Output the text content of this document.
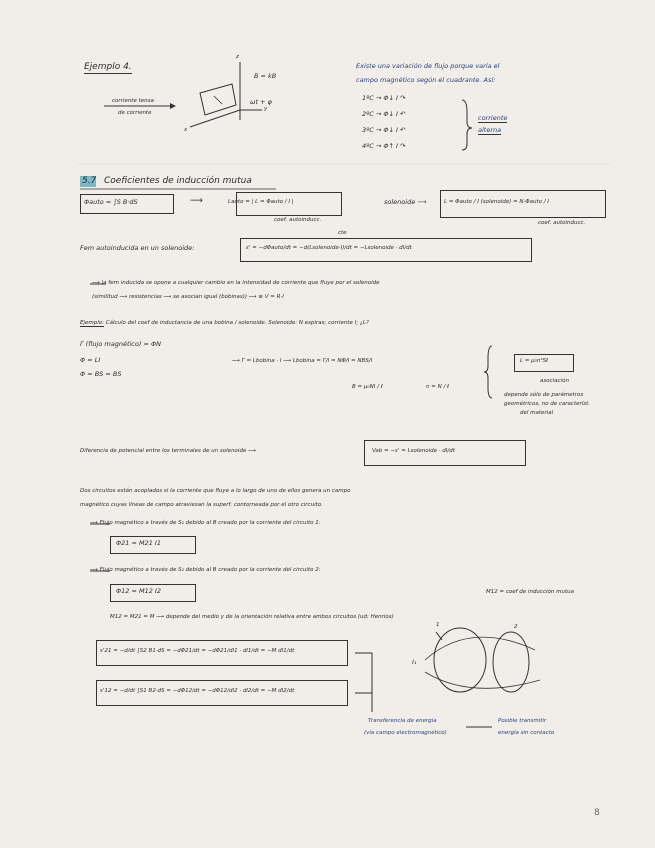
Ejemplo 4.
corriente tensa
de corriente
B = kB
ωt + φ
x
y
z
Existe una variación de flujo porque varía el
campo magnético según el cuadrante. Así:
1ºC → Φ↓ I ↷
2ºC → Φ↓ I ↶
3ºC → Φ↓ I ↶
4ºC → Φ↑ I ↷
corriente
alterna
5.7 Coeficientes de inducción mutua
Φauto = ∫S B·dS	⟶	Lauto = | L = Φauto / I |
coef. autoinducc.
solenoide ⟶	L = Φauto / I (solenoide) = N·Φauto / I
coef. autoinducc.
Fem autoinducida en un solenoide:
cte
ε' = −dΦauto/dt = −d(Lsolenoide·I)/dt = −Lsolenoide · dI/dt
⟶ la fem inducida se opone a cualquier cambio en la intensidad de corriente que fluye por el solenoide
(similitud ⟶ resistencias ⟶ se asocian igual (bobinas)) ⟶ ≡ V = R·I
Ejemplo: Cálculo del coef de inductancia de una bobina / solenoide. Solenoide: N espiras; corriente I; ¿L?
Γ (flujo magnético) = ΦN
Φ = LI
Φ = BS = BS
⟶ Γ = Lbobina · I ⟶ Lbobina = Γ/I = NΦ/I = NBS/I
B = μ₀NI / ℓ	n = N / ℓ
L = μ₀n²Sℓ
asociación
depende sólo de parámetros
geométricos, no de característ.
del material
Diferencia de potencial entre los terminales de un solenoide ⟶	Vab = −ε' = Lsolenoide · dI/dt
Dos circuitos están acoplados si la corriente que fluye a lo largo de uno de ellos genera un campo
magnético cuyas líneas de campo atraviesan la superf. contorneada por el otro circuito.
⟶ Flujo magnético a través de S₂ debido al B creado por la corriente del circuito 1:
Φ21 = M21 I1
⟶ Flujo magnético a través de S₂ debido al B creado por la corriente del circuito 2:
Φ12 = M12 I2	M12 = coef de inducción mutua
M12 = M21 = M ⟶ depende del medio y de la orientación relativa entre ambos circuitos (ud: Henrios)
ε'21 = −d/dt ∫S2 B1·dS = −dΦ21/dt = −dΦ21/dI1 · dI1/dt = −M dI1/dt
ε'12 = −d/dt ∫S1 B2·dS = −dΦ12/dt = −dΦ12/dI2 · dI2/dt = −M dI2/dt
Transferencia de energía
(vía campo electromagnético)
Posible transmitir
energía sin contacto
I₁
1	2
8
